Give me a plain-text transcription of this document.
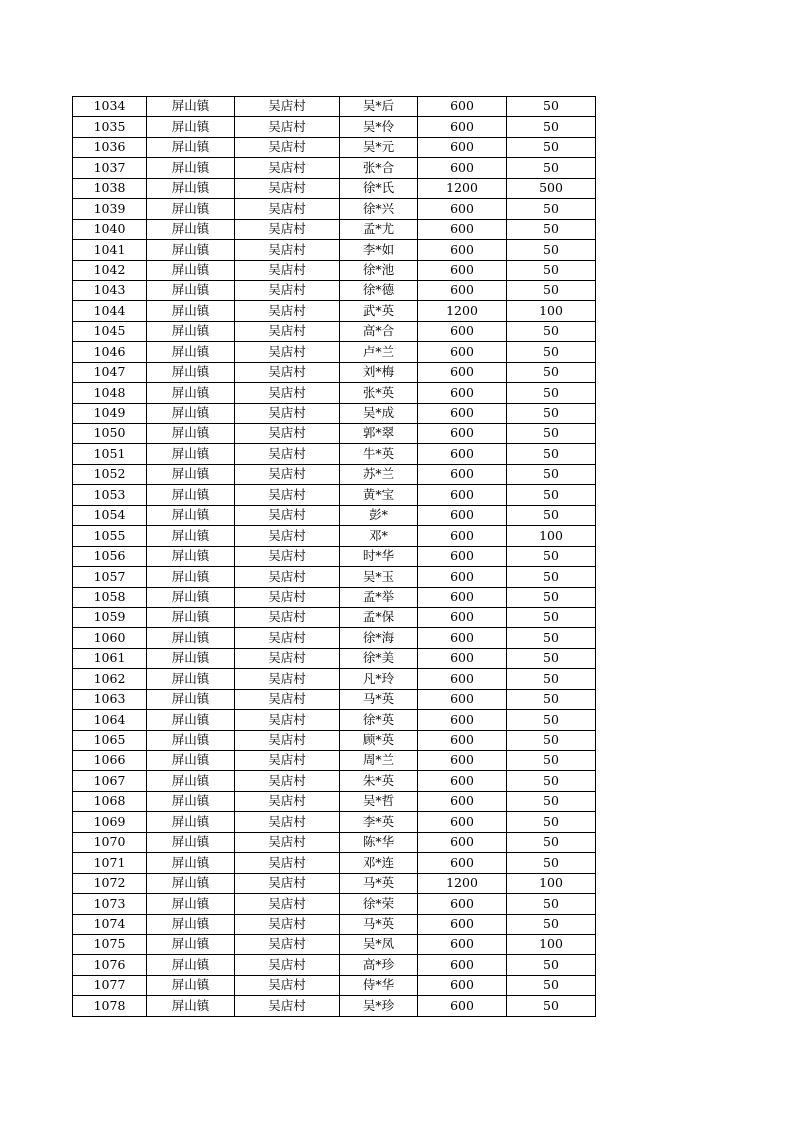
1034	屏山镇	吴店村	吴*后	600	50
1035	屏山镇	吴店村	吴*伶	600	50
1036	屏山镇	吴店村	吴*元	600	50
1037	屏山镇	吴店村	张*合	600	50
1038	屏山镇	吴店村	徐*氏	1200	500
1039	屏山镇	吴店村	徐*兴	600	50
1040	屏山镇	吴店村	孟*尤	600	50
1041	屏山镇	吴店村	李*如	600	50
1042	屏山镇	吴店村	徐*池	600	50
1043	屏山镇	吴店村	徐*德	600	50
1044	屏山镇	吴店村	武*英	1200	100
1045	屏山镇	吴店村	高*合	600	50
1046	屏山镇	吴店村	卢*兰	600	50
1047	屏山镇	吴店村	刘*梅	600	50
1048	屏山镇	吴店村	张*英	600	50
1049	屏山镇	吴店村	吴*成	600	50
1050	屏山镇	吴店村	郭*翠	600	50
1051	屏山镇	吴店村	牛*英	600	50
1052	屏山镇	吴店村	苏*兰	600	50
1053	屏山镇	吴店村	黄*宝	600	50
1054	屏山镇	吴店村	彭*	600	50
1055	屏山镇	吴店村	邓*	600	100
1056	屏山镇	吴店村	时*华	600	50
1057	屏山镇	吴店村	吴*玉	600	50
1058	屏山镇	吴店村	孟*举	600	50
1059	屏山镇	吴店村	孟*保	600	50
1060	屏山镇	吴店村	徐*海	600	50
1061	屏山镇	吴店村	徐*美	600	50
1062	屏山镇	吴店村	凡*玲	600	50
1063	屏山镇	吴店村	马*英	600	50
1064	屏山镇	吴店村	徐*英	600	50
1065	屏山镇	吴店村	顾*英	600	50
1066	屏山镇	吴店村	周*兰	600	50
1067	屏山镇	吴店村	朱*英	600	50
1068	屏山镇	吴店村	吴*哲	600	50
1069	屏山镇	吴店村	李*英	600	50
1070	屏山镇	吴店村	陈*华	600	50
1071	屏山镇	吴店村	邓*连	600	50
1072	屏山镇	吴店村	马*英	1200	100
1073	屏山镇	吴店村	徐*荣	600	50
1074	屏山镇	吴店村	马*英	600	50
1075	屏山镇	吴店村	吴*凤	600	100
1076	屏山镇	吴店村	高*珍	600	50
1077	屏山镇	吴店村	侍*华	600	50
1078	屏山镇	吴店村	吴*珍	600	50
